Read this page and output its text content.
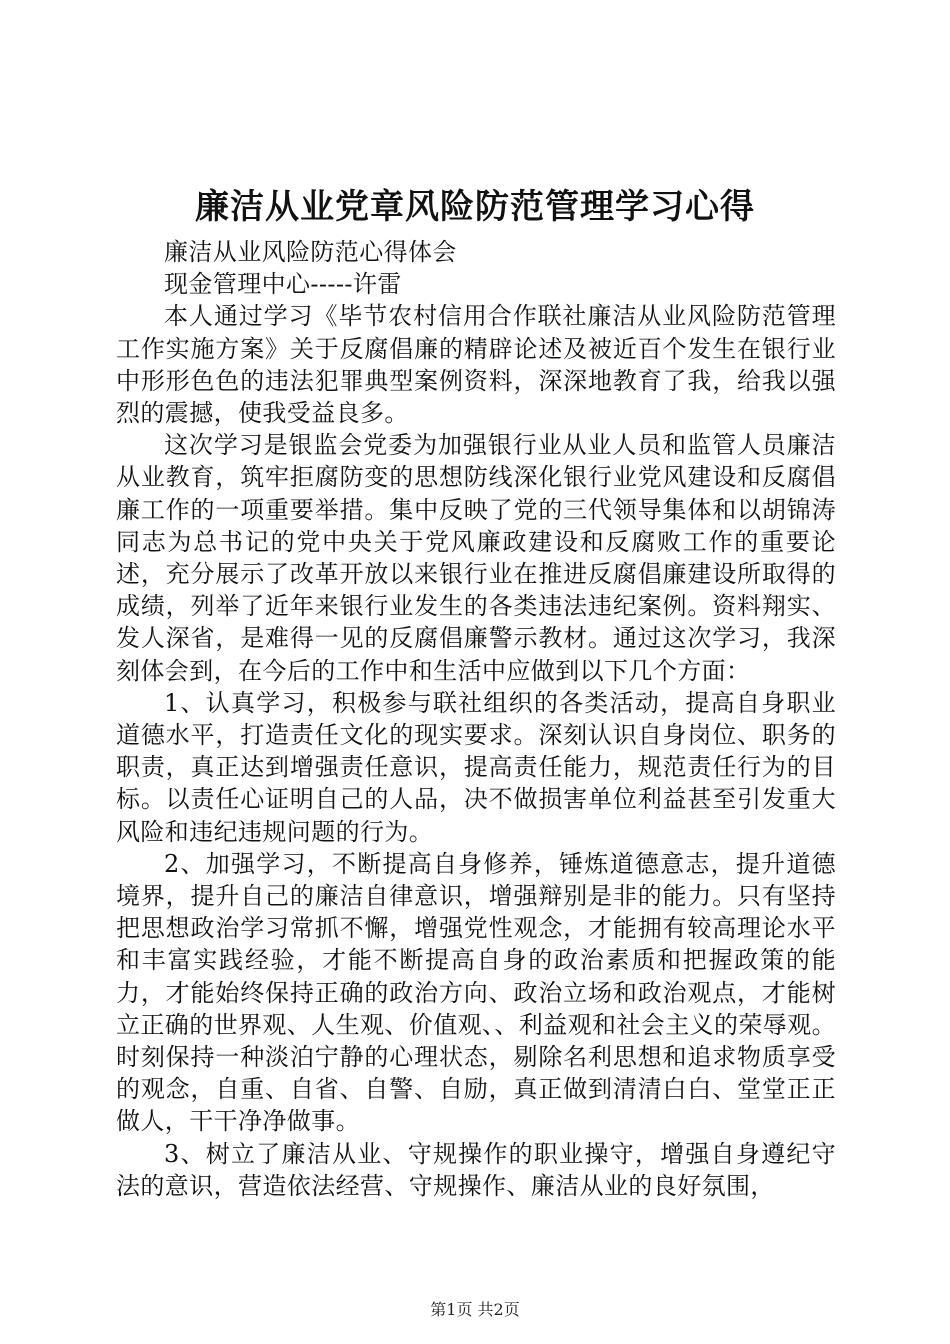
廉洁从业党章风险防范管理学习心得

廉洁从业风险防范心得体会

现金管理中心-----许雷

本人通过学习《毕节农村信用合作联社廉洁从业风险防范管理工作实施方案》关于反腐倡廉的精辟论述及被近百个发生在银行业中形形色色的违法犯罪典型案例资料，深深地教育了我，给我以强烈的震撼，使我受益良多。

这次学习是银监会党委为加强银行业从业人员和监管人员廉洁从业教育，筑牢拒腐防变的思想防线深化银行业党风建设和反腐倡廉工作的一项重要举措。集中反映了党的三代领导集体和以胡锦涛同志为总书记的党中央关于党风廉政建设和反腐败工作的重要论述，充分展示了改革开放以来银行业在推进反腐倡廉建设所取得的成绩，列举了近年来银行业发生的各类违法违纪案例。资料翔实、发人深省，是难得一见的反腐倡廉警示教材。通过这次学习，我深刻体会到，在今后的工作中和生活中应做到以下几个方面：

1、认真学习，积极参与联社组织的各类活动，提高自身职业道德水平，打造责任文化的现实要求。深刻认识自身岗位、职务的职责，真正达到增强责任意识，提高责任能力，规范责任行为的目标。以责任心证明自己的人品，决不做损害单位利益甚至引发重大风险和违纪违规问题的行为。

2、加强学习，不断提高自身修养，锤炼道德意志，提升道德境界，提升自己的廉洁自律意识，增强辩别是非的能力。只有坚持把思想政治学习常抓不懈，增强党性观念，才能拥有较高理论水平和丰富实践经验，才能不断提高自身的政治素质和把握政策的能力，才能始终保持正确的政治方向、政治立场和政治观点，才能树立正确的世界观、人生观、价值观、、利益观和社会主义的荣辱观。时刻保持一种淡泊宁静的心理状态，剔除名利思想和追求物质享受的观念，自重、自省、自警、自励，真正做到清清白白、堂堂正正做人，干干净净做事。

3、树立了廉洁从业、守规操作的职业操守，增强自身遵纪守法的意识，营造依法经营、守规操作、廉洁从业的良好氛围，

第1页 共2页
